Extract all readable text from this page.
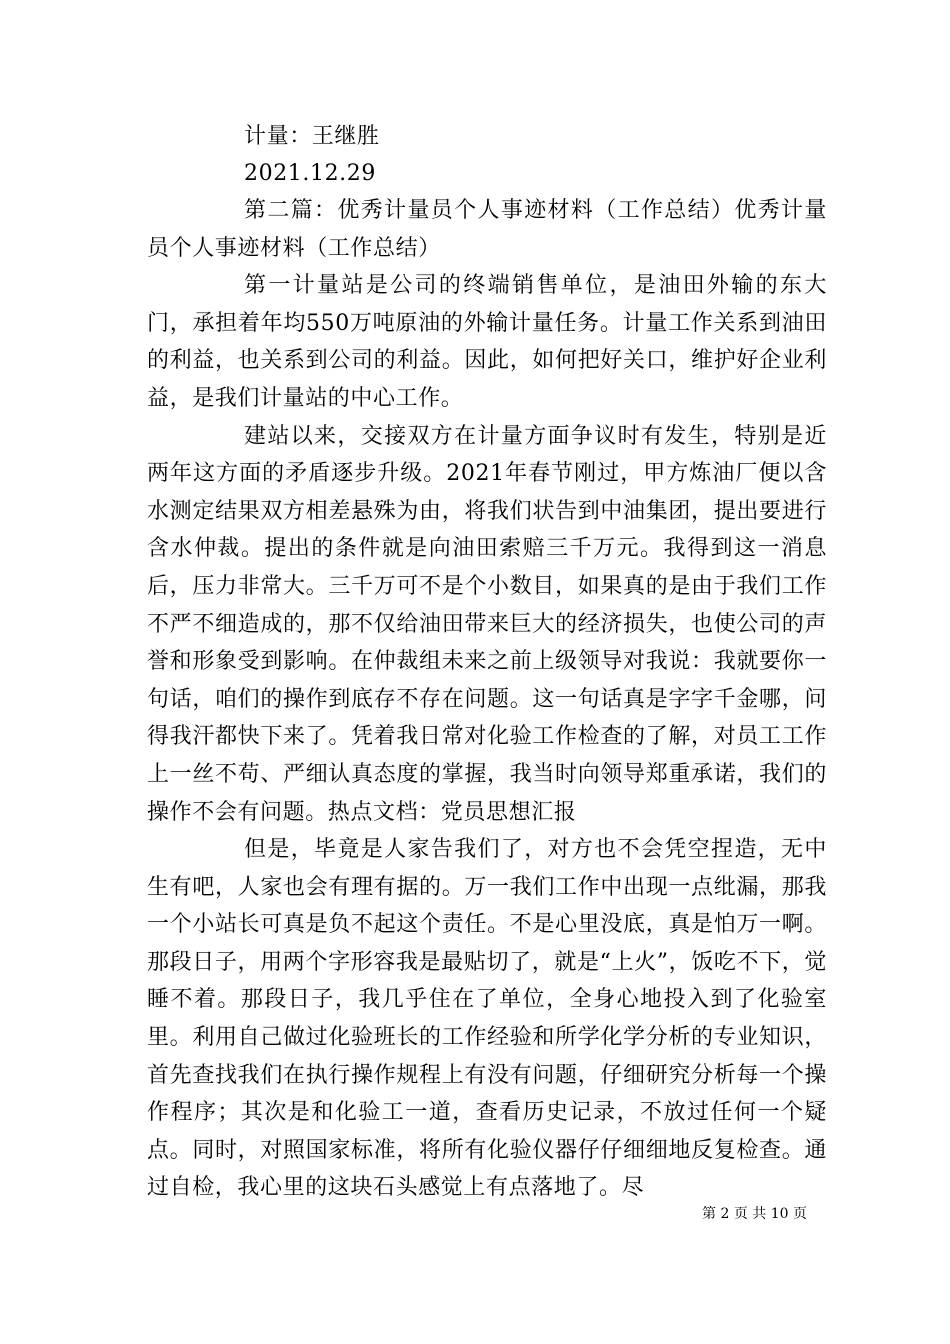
计量：王继胜
2021.12.29

第二篇：优秀计量员个人事迹材料（工作总结）优秀计量员个人事迹材料（工作总结）

第一计量站是公司的终端销售单位，是油田外输的东大门，承担着年均550万吨原油的外输计量任务。计量工作关系到油田的利益，也关系到公司的利益。因此，如何把好关口，维护好企业利益，是我们计量站的中心工作。

建站以来，交接双方在计量方面争议时有发生，特别是近两年这方面的矛盾逐步升级。2021年春节刚过，甲方炼油厂便以含水测定结果双方相差悬殊为由，将我们状告到中油集团，提出要进行含水仲裁。提出的条件就是向油田索赔三千万元。我得到这一消息后，压力非常大。三千万可不是个小数目，如果真的是由于我们工作不严不细造成的，那不仅给油田带来巨大的经济损失，也使公司的声誉和形象受到影响。在仲裁组未来之前上级领导对我说：我就要你一句话，咱们的操作到底存不存在问题。这一句话真是字字千金哪，问得我汗都快下来了。凭着我日常对化验工作检查的了解，对员工工作上一丝不苟、严细认真态度的掌握，我当时向领导郑重承诺，我们的操作不会有问题。热点文档：党员思想汇报

但是，毕竟是人家告我们了，对方也不会凭空捏造，无中生有吧，人家也会有理有据的。万一我们工作中出现一点纰漏，那我一个小站长可真是负不起这个责任。不是心里没底，真是怕万一啊。那段日子，用两个字形容我是最贴切了，就是“上火”，饭吃不下，觉睡不着。那段日子，我几乎住在了单位，全身心地投入到了化验室里。利用自己做过化验班长的工作经验和所学化学分析的专业知识，首先查找我们在执行操作规程上有没有问题，仔细研究分析每一个操作程序；其次是和化验工一道，查看历史记录，不放过任何一个疑点。同时，对照国家标准，将所有化验仪器仔仔细细地反复检查。通过自检，我心里的这块石头感觉上有点落地了。尽

第 2 页 共 10 页
